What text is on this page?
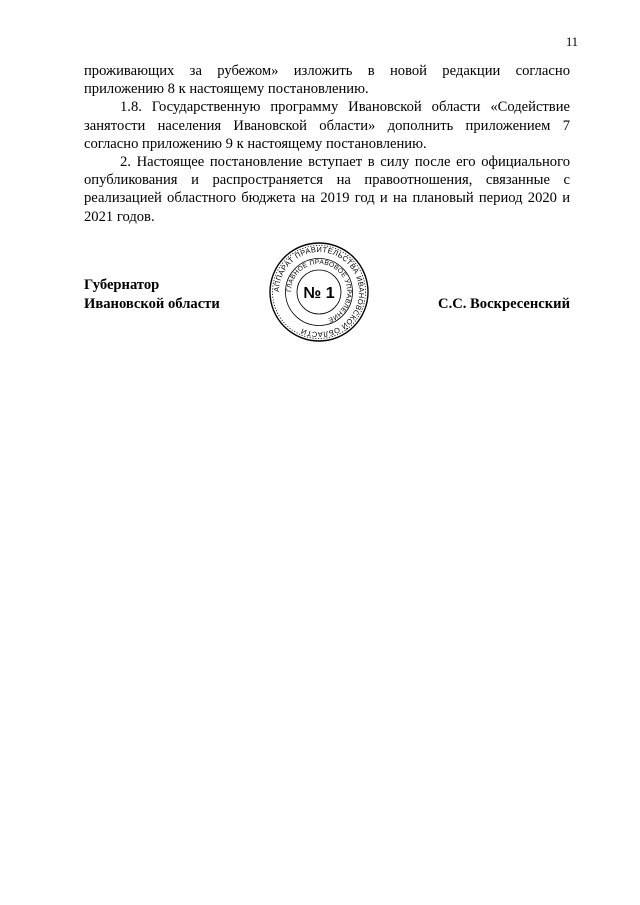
11

проживающих за рубежом» изложить в новой редакции согласно приложению 8 к настоящему постановлению.

1.8. Государственную программу Ивановской области «Содействие занятости населения Ивановской области» дополнить приложением 7 согласно приложению 9 к настоящему постановлению.

2. Настоящее постановление вступает в силу после его официального опубликования и распространяется на правоотношения, связанные с реализацией областного бюджета на 2019 год и на плановый период 2020 и 2021 годов.

Губернатор
Ивановской области
АППАРАТ ПРАВИТЕЛЬСТВА ИВАНОВСКОЙ ОБЛАСТИ
ГЛАВНОЕ ПРАВОВОЕ УПРАВЛЕНИЕ
№ 1
С.С. Воскресенский
